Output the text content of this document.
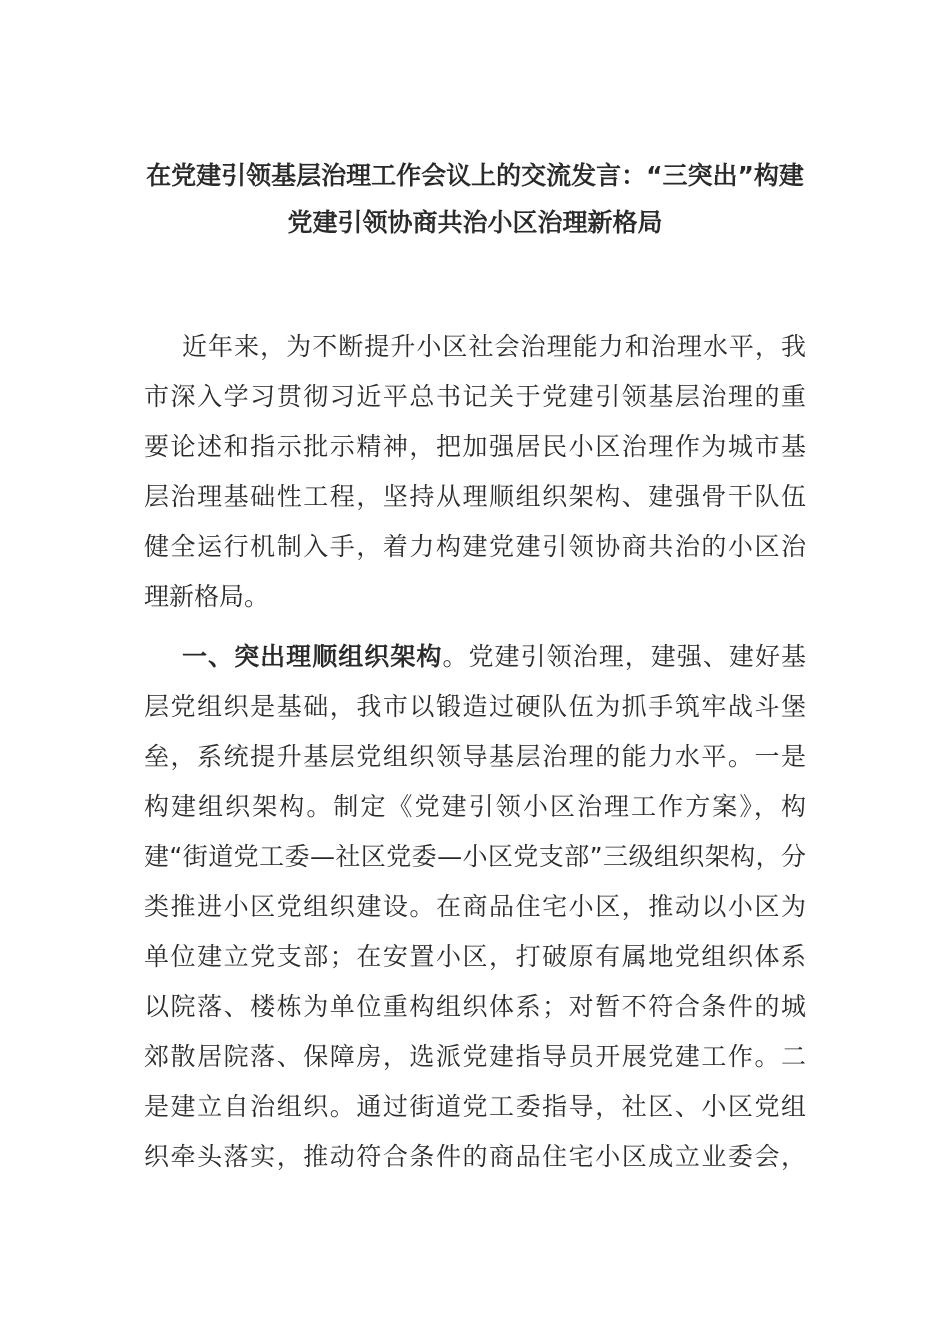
在党建引领基层治理工作会议上的交流发言：“三突出”构建
党建引领协商共治小区治理新格局
近年来，为不断提升小区社会治理能力和治理水平，我
市深入学习贯彻习近平总书记关于党建引领基层治理的重
要论述和指示批示精神，把加强居民小区治理作为城市基
层治理基础性工程，坚持从理顺组织架构、建强骨干队伍
健全运行机制入手，着力构建党建引领协商共治的小区治
理新格局。
一、突出理顺组织架构。党建引领治理，建强、建好基
层党组织是基础，我市以锻造过硬队伍为抓手筑牢战斗堡
垒，系统提升基层党组织领导基层治理的能力水平。一是
构建组织架构。制定《党建引领小区治理工作方案》，构
建“街道党工委—社区党委—小区党支部”三级组织架构，分
类推进小区党组织建设。在商品住宅小区，推动以小区为
单位建立党支部；在安置小区，打破原有属地党组织体系
以院落、楼栋为单位重构组织体系；对暂不符合条件的城
郊散居院落、保障房，选派党建指导员开展党建工作。二
是建立自治组织。通过街道党工委指导，社区、小区党组
织牵头落实，推动符合条件的商品住宅小区成立业委会，
